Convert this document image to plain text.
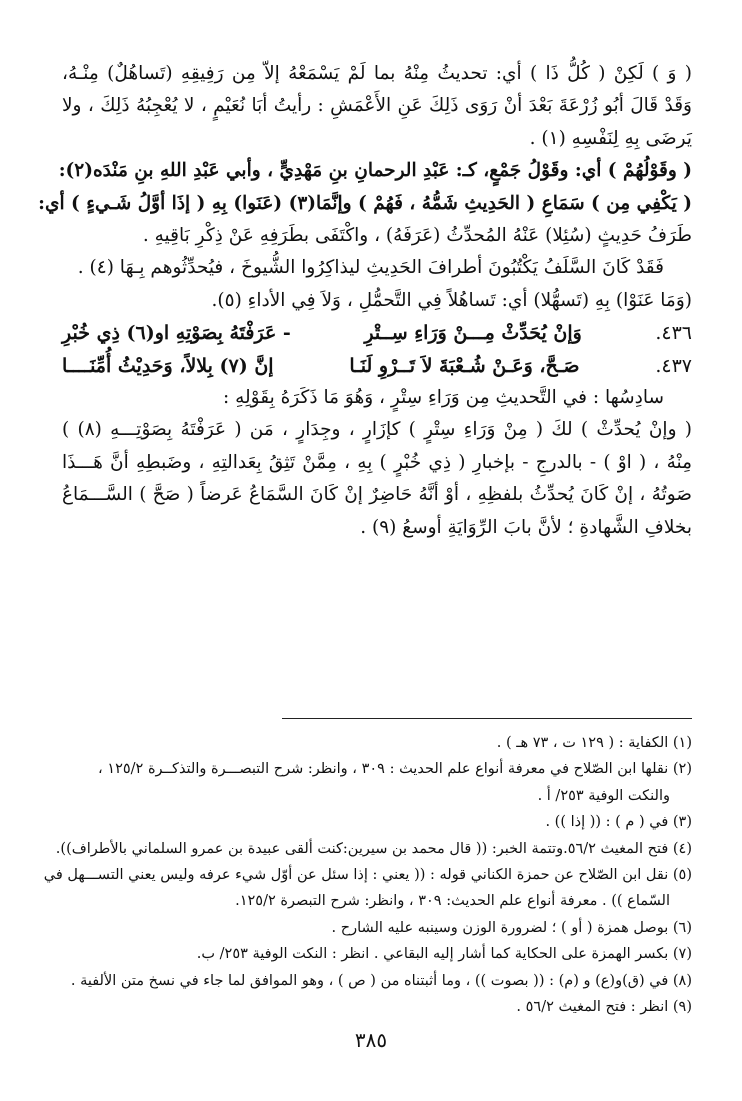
( وَ ) لَكِنْ ( كُلُّ ذَا ) أي: تحديثُ مِنْهُ بما لَمْ يَسْمَعْهُ إلاّ مِن رَفِيقِهِ (تَساهُلٌ) مِنْـهُ،
وَقَدْ قَالَ أبُو زُرْعَةَ بَعْدَ أنْ رَوَى ذَلِكَ عَنِ الأَعْمَشِ : رأيتُ أبَا نُعَيْمٍ ، لا يُعْجِبُهُ ذَلِكَ ، ولا
يَرضَى بِهِ لِنَفْسِهِ (١) .
( وقَوْلُهُمْ ) أي: وقَوْلُ جَمْعٍ، كـ: عَبْدِ الرحمانِ بنِ مَهْدِيٍّ ، وأبي عَبْدِ اللهِ بنِ مَنْدَه(٢):
( يَكْفِي مِن ) سَمَاعِ ( الحَدِيثِ شَمُّهُ ، فَهُمْ ) وإنَّمَا(٣) (عَنَوا) بِهِ ( إذَا أوَّلُ شَـيءٍ ) أي:
طَرَفُ حَدِيثٍ (سُئِلا) عَنْهُ المُحدِّثُ (عَرَفَهُ) ، واكْتَفَى بطَرَفِهِ عَنْ ذِكْرِ بَاقِيهِ .
فَقَدْ كَانَ السَّلَفُ يَكْتُبُونَ أطرافَ الحَدِيثِ ليذاكِرُوا الشُّيوخَ ، فيُحدِّثُوهم بِـهَا (٤) .
(وَمَا عَنَوْا) بِهِ (تَسهُّلا) أي: تَساهُلاً فِي التَّحمُّلِ ، وَلاَ فِي الأداءِ (٥).
٤٣٦.
وَإنْ يُحَدِّثْ مِـــنْ وَرَاءِ سِــتْرِ
- عَرَفْتَهُ بِصَوْتِهِ او(٦) ذِي خُبْرِ
٤٣٧.
صَـحَّ، وَعَـنْ شُـعْبَةَ لاَ تَــرْوِ لَنَـا
إنَّ (٧) بِلالاً، وَحَدِيْثُ أُمِّنَــــا
سادِسُها : في التَّحديثِ مِن وَرَاءِ سِتْرٍ ، وَهُوَ مَا ذَكَرَهُ بِقَوْلِهِ :
( وإنْ يُحدِّثْ ) لكَ ( مِنْ وَرَاءِ سِتْرٍ ) كإزَارٍ ، وجِدَارٍ ، مَن ( عَرَفْتَهُ بِصَوْتِـــهِ (٨) )
مِنْهُ ، ( اوْ ) - بالدرجِ - بإخبارِ ( ذِي خُبْرٍ ) بِهِ ، مِمَّنْ تَثِقُ بِعَدالتِهِ ، وضَبطِهِ أنَّ هَـــذَا
صَوتُهُ ، إنْ كَانَ يُحدِّثُ بلفظِهِ ، أوْ أنَّهُ حَاضِرٌ إنْ كَانَ السَّمَاعُ عَرضاً ( صَحَّ ) السَّـــمَاعُ
بخلافِ الشَّهادةِ ؛ لأنَّ بابَ الرِّوَايَةِ أوسعُ (٩) .
(١) الكفاية : ( ١٢٩ ت ، ٧٣ هـ ) .
(٢) نقلها ابن الصّلاح في معرفة أنواع علم الحديث : ٣٠٩ ، وانظر: شرح التبصـــرة والتذكــرة ١٢٥/٢ ،
والنكت الوفية ٢٥٣/ أ .
(٣) في ( م ) : (( إذا )) .
(٤) فتح المغيث ٥٦/٢.وتتمة الخبر: (( قال محمد بن سيرين:كنت ألقى عبيدة بن عمرو السلماني بالأطراف)).
(٥) نقل ابن الصّلاح عن حمزة الكناني قوله : (( يعني : إذا سئل عن أوّل شيء عرفه وليس يعني التســـهل في
السّماع )) . معرفة أنواع علم الحديث: ٣٠٩ ، وانظر: شرح التبصرة ١٢٥/٢.
(٦) بوصل همزة ( أو ) ؛ لضرورة الوزن وسينبه عليه الشارح .
(٧) بكسر الهمزة على الحكاية كما أشار إليه البقاعي . انظر : النكت الوفية ٢٥٣/ ب.
(٨) في (ق)و(ع) و (م) : (( بصوت )) ، وما أثبتناه من ( ص ) ، وهو الموافق لما جاء في نسخ متن الألفية .
(٩) انظر : فتح المغيث ٥٦/٢ .
٣٨٥
